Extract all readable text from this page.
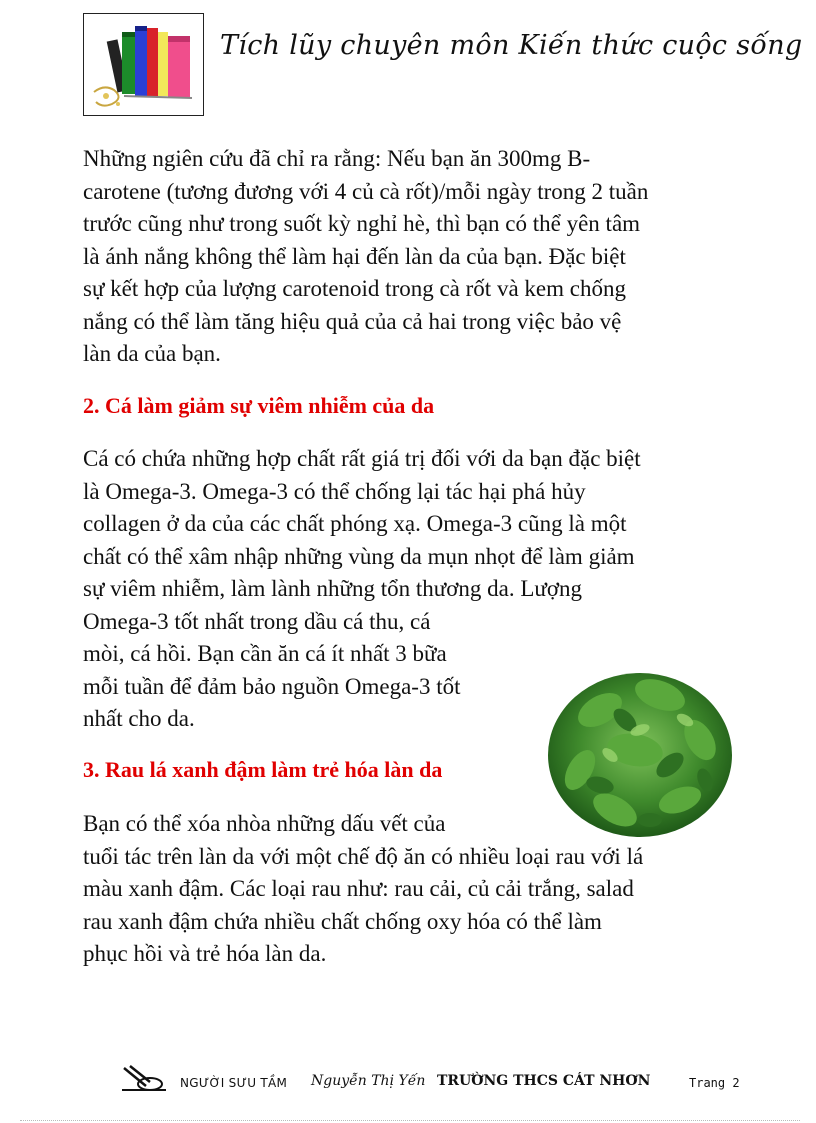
Tích lũy chuyên môn Kiến thức cuộc sống

Những ngiên cứu đã chỉ ra rằng: Nếu bạn ăn 300mg B-
carotene (tương đương với 4 củ cà rốt)/mỗi ngày trong 2 tuần
trước cũng như trong suốt kỳ nghỉ hè, thì bạn có thể yên tâm
là ánh nắng không thể làm hại đến làn da của bạn. Đặc biệt
sự kết hợp của lượng carotenoid trong cà rốt và kem chống
nắng có thể làm tăng hiệu quả của cả hai trong việc bảo vệ
làn da của bạn.

2. Cá làm giảm sự viêm nhiễm của da

Cá có chứa những hợp chất rất giá trị đối với da bạn đặc biệt
là Omega-3. Omega-3 có thể chống lại tác hại phá hủy
collagen ở da của các chất phóng xạ. Omega-3 cũng là một
chất có thể xâm nhập những vùng da mụn nhọt để làm giảm
sự viêm nhiễm, làm lành những tổn thương da. Lượng
Omega-3 tốt nhất trong dầu cá thu, cá
mòi, cá hồi. Bạn cần ăn cá ít nhất 3 bữa
mỗi tuần để đảm bảo nguồn Omega-3 tốt
nhất cho da.

3. Rau lá xanh đậm làm trẻ hóa làn da

Bạn có thể xóa nhòa những dấu vết của
tuổi tác trên làn da với một chế độ ăn có nhiều loại rau với lá
màu xanh đậm. Các loại rau như: rau cải, củ cải trắng, salad
rau xanh đậm chứa nhiều chất chống oxy hóa có thể làm
phục hồi và trẻ hóa làn da.

NGƯỜI SƯU TẦM Nguyễn Thị Yến TRƯỜNG THCS CÁT NHƠN	Trang 2
